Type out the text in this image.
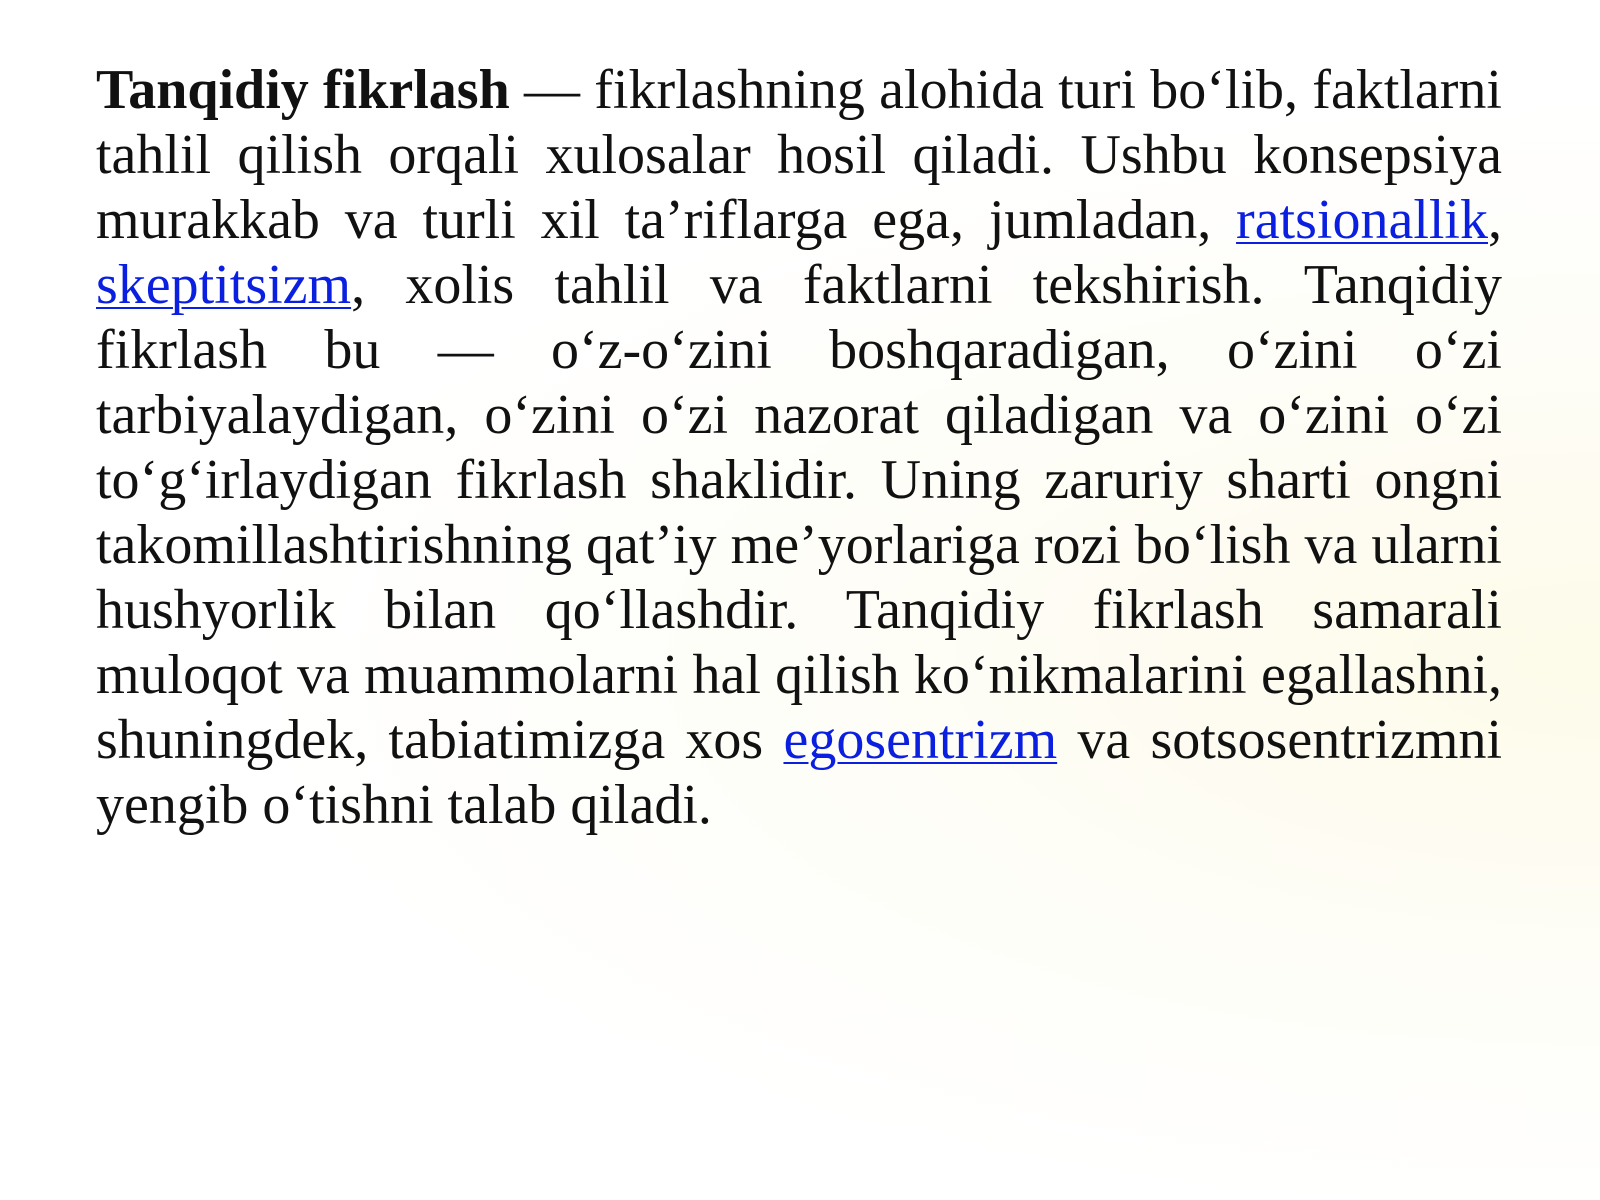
Tanqidiy fikrlash — fikrlashning alohida turi bo‘lib, faktlarni tahlil qilish orqali xulosalar hosil qiladi. Ushbu konsepsiya murakkab va turli xil ta’riflarga ega, jumladan, ratsionallik, skeptitsizm, xolis tahlil va faktlarni tekshirish. Tanqidiy fikrlash bu — o‘z-o‘zini boshqaradigan, o‘zini o‘zi tarbiyalaydigan, o‘zini o‘zi nazorat qiladigan va o‘zini o‘zi to‘g‘irlaydigan fikrlash shaklidir. Uning zaruriy sharti ongni takomillashtirishning qat’iy me’yorlariga rozi bo‘lish va ularni hushyorlik bilan qo‘llashdir. Tanqidiy fikrlash samarali muloqot va muammolarni hal qilish ko‘nikmalarini egallashni, shuningdek, tabiatimizga xos egosentrizm va sotsosentrizmni yengib o‘tishni talab qiladi.
